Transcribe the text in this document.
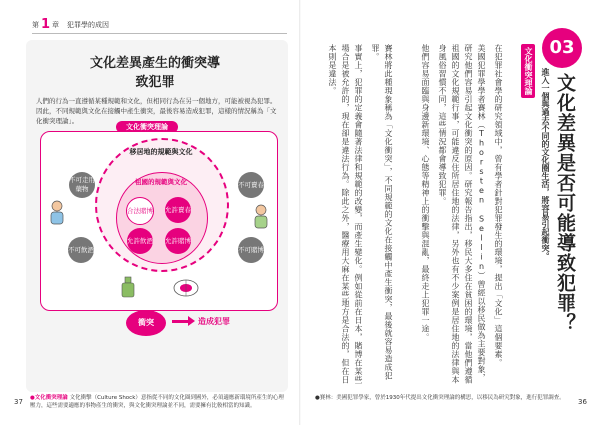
第 1 章 犯罪學的成因
文化差異產生的衝突導致犯罪
人們的行為一直遵循某種規範和文化，但相同行為在另一個地方，可能被視為犯罪。因此，不同規範與文化在接觸中產生衝突，最後容易造成犯罪，這樣的情況稱為「文化衝突理論」。
文化衝突理論
移居地的規範與文化
祖國的規範與文化
合法賭博 允許賣春
允許飲酒 允許賭博
不可賣春
不可飲酒	不可賭博
不可走用藥物
衝突	造成犯罪
●文化衝突理論 文化衝擊（Culture Shock）意指從不同的文化圈到國外，必須適應新環境所產生的心理壓力，這些需要適應的事物產生的衝突，與文化衝突理論並不同，需要擁有比較相當的知識。
37
03
文化差異是否可能導致犯罪？
進入一個與過去不同的文化圈生活，將容易引起衝突。
文化衝突理論

在犯罪社會學的研究領域中，曾有學者針對犯罪發生的環境，提出「文化」這個要素。

美國犯罪學學者賽林（Thorsten Sellin）曾經以移民做為主要對象，研究他們容易引起文化衝突的原因。研究報告指出，移民大多住在貧困的環境，當他們遵循祖國的文化規範行事，可能違反住所居住地的法律，另外也有不少案例是居住地的法律與本身風俗習慣不同，這些情況都會導致犯罪。

他們容易面臨與身邊新環境、心態等精神上的衝擊與混亂，最終走上犯罪一途。

賽林將此種現象稱為「文化衝突」，不同規範的文化在接觸中產生衝突，最後就容易造成犯罪。

事實上，犯罪的定義會隨著法律和規範的改變，而產生變化。例如從前在日本，賭博在某些場合是被允許的，現在卻是違法行為。除此之外，醫療用大麻在某些地方是合法的，但在日本則是違法。

●賽林：美國犯罪學家，曾於1930年代提出文化衝突理論的構思，以移民為研究對象，進行犯罪調查。 36
